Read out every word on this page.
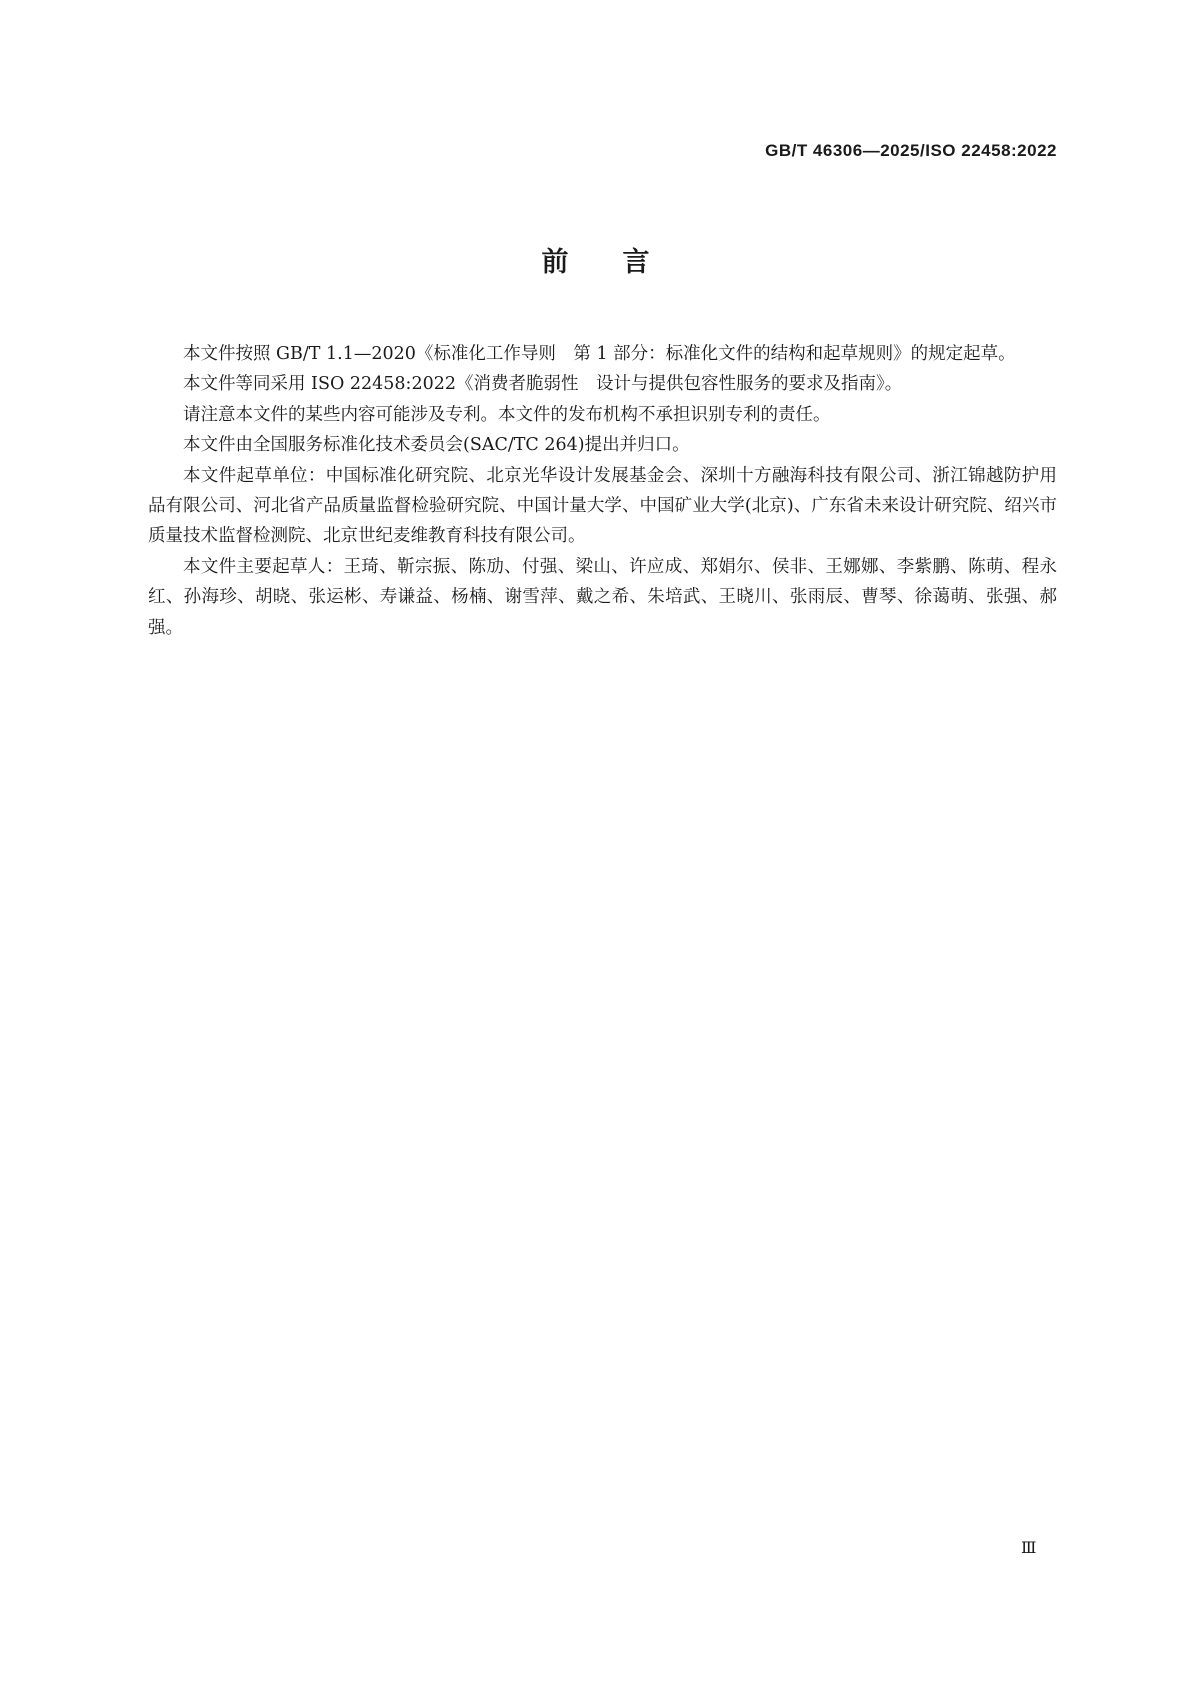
GB/T 46306—2025/ISO 22458:2022
前言

本文件按照 GB/T 1.1—2020《标准化工作导则　第 1 部分：标准化文件的结构和起草规则》的规定起草。

本文件等同采用 ISO 22458:2022《消费者脆弱性　设计与提供包容性服务的要求及指南》。

请注意本文件的某些内容可能涉及专利。本文件的发布机构不承担识别专利的责任。

本文件由全国服务标准化技术委员会(SAC/TC 264)提出并归口。

本文件起草单位：中国标准化研究院、北京光华设计发展基金会、深圳十方融海科技有限公司、浙江锦越防护用品有限公司、河北省产品质量监督检验研究院、中国计量大学、中国矿业大学(北京)、广东省未来设计研究院、绍兴市质量技术监督检测院、北京世纪麦维教育科技有限公司。

本文件主要起草人：王琦、靳宗振、陈劢、付强、梁山、许应成、郑娟尔、侯非、王娜娜、李紫鹏、陈萌、程永红、孙海珍、胡晓、张运彬、寿谦益、杨楠、谢雪萍、戴之希、朱培武、王晓川、张雨辰、曹琴、徐蔼萌、张强、郝强。

Ⅲ
